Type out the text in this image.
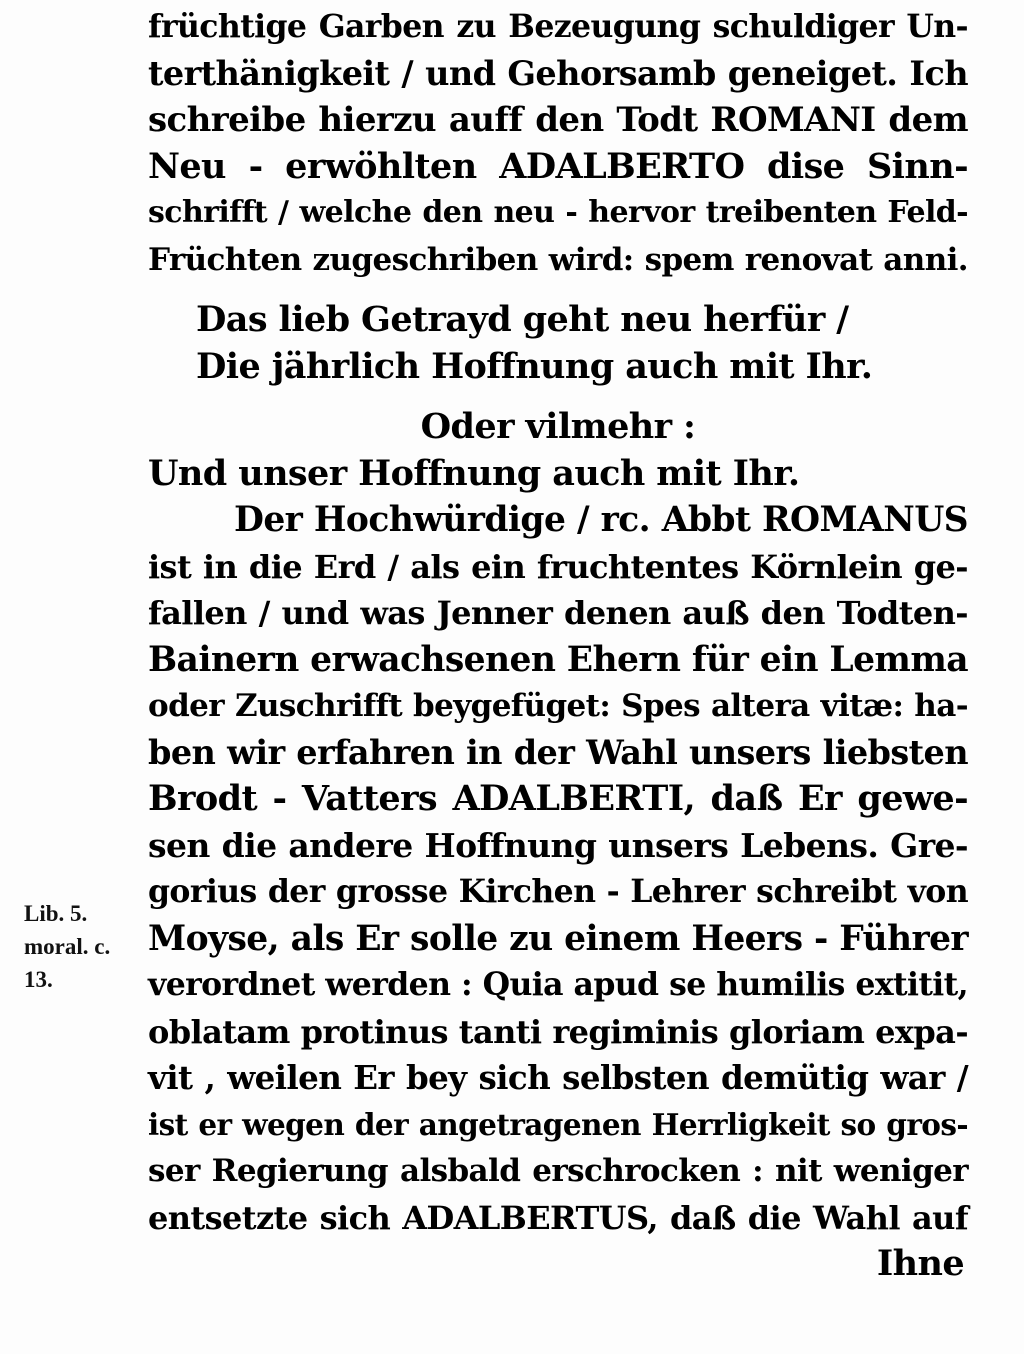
früchtige Garben zu Bezeugung schuldiger Un-
terthänigkeit / und Gehorsamb geneiget. Ich
schreibe hierzu auff den Todt ROMANI dem
Neu - erwöhlten ADALBERTO dise Sinn-
schrifft / welche den neu - hervor treibenten Feld-
Früchten zugeschriben wird: spem renovat anni.
Das lieb Getrayd geht neu herfür /
Die jährlich Hoffnung auch mit Ihr.
Oder vilmehr :
Und unser Hoffnung auch mit Ihr.
Der Hochwürdige / rc. Abbt ROMANUS
ist in die Erd / als ein fruchtentes Körnlein ge-
fallen / und was Jenner denen auß den Todten-
Bainern erwachsenen Ehern für ein Lemma
oder Zuschrifft beygefüget: Spes altera vitæ: ha-
ben wir erfahren in der Wahl unsers liebsten
Brodt - Vatters ADALBERTI, daß Er gewe-
sen die andere Hoffnung unsers Lebens. Gre-
gorius der grosse Kirchen - Lehrer schreibt von
Moyse, als Er solle zu einem Heers - Führer
verordnet werden : Quia apud se humilis extitit,
oblatam protinus tanti regiminis gloriam expa-
vit , weilen Er bey sich selbsten demütig war /
ist er wegen der angetragenen Herrligkeit so gros-
ser Regierung alsbald erschrocken : nit weniger
entsetzte sich ADALBERTUS, daß die Wahl auf
Ihne
Lib. 5.
moral. c.
13.
